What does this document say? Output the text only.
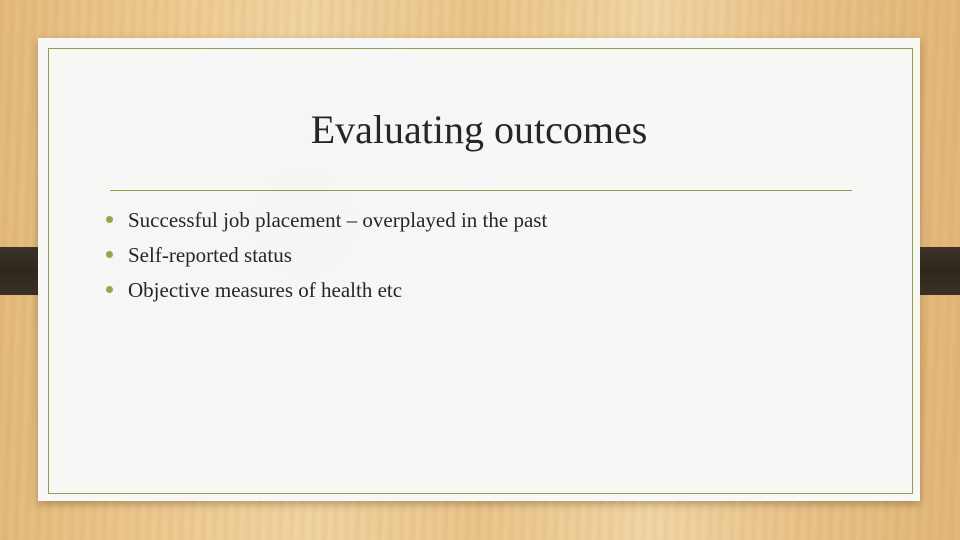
Evaluating outcomes
Successful job placement – overplayed in the past
Self-reported status
Objective measures of health etc
